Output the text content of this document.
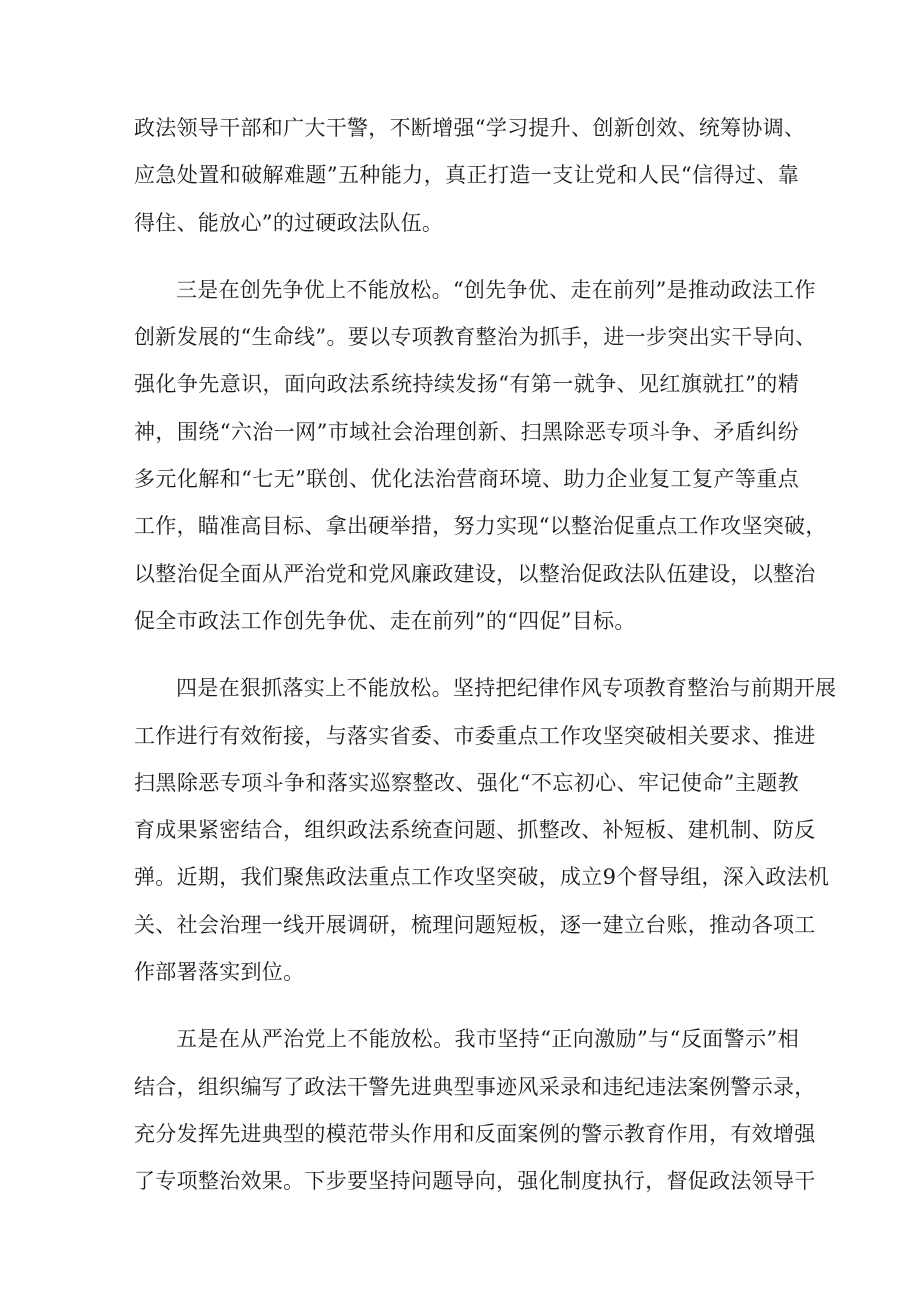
政法领导干部和广大干警，不断增强“学习提升、创新创效、统筹协调、
应急处置和破解难题”五种能力，真正打造一支让党和人民“信得过、靠
得住、能放心”的过硬政法队伍。
三是在创先争优上不能放松。“创先争优、走在前列”是推动政法工作
创新发展的“生命线”。要以专项教育整治为抓手，进一步突出实干导向、
强化争先意识，面向政法系统持续发扬“有第一就争、见红旗就扛”的精
神，围绕“六治一网”市域社会治理创新、扫黑除恶专项斗争、矛盾纠纷
多元化解和“七无”联创、优化法治营商环境、助力企业复工复产等重点
工作，瞄准高目标、拿出硬举措，努力实现“以整治促重点工作攻坚突破，
以整治促全面从严治党和党风廉政建设，以整治促政法队伍建设，以整治
促全市政法工作创先争优、走在前列”的“四促”目标。
四是在狠抓落实上不能放松。坚持把纪律作风专项教育整治与前期开展
工作进行有效衔接，与落实省委、市委重点工作攻坚突破相关要求、推进
扫黑除恶专项斗争和落实巡察整改、强化“不忘初心、牢记使命”主题教
育成果紧密结合，组织政法系统查问题、抓整改、补短板、建机制、防反
弹。近期，我们聚焦政法重点工作攻坚突破，成立9个督导组，深入政法机
关、社会治理一线开展调研，梳理问题短板，逐一建立台账，推动各项工
作部署落实到位。
五是在从严治党上不能放松。我市坚持“正向激励”与“反面警示”相
结合，组织编写了政法干警先进典型事迹风采录和违纪违法案例警示录，
充分发挥先进典型的模范带头作用和反面案例的警示教育作用，有效增强
了专项整治效果。下步要坚持问题导向，强化制度执行，督促政法领导干
